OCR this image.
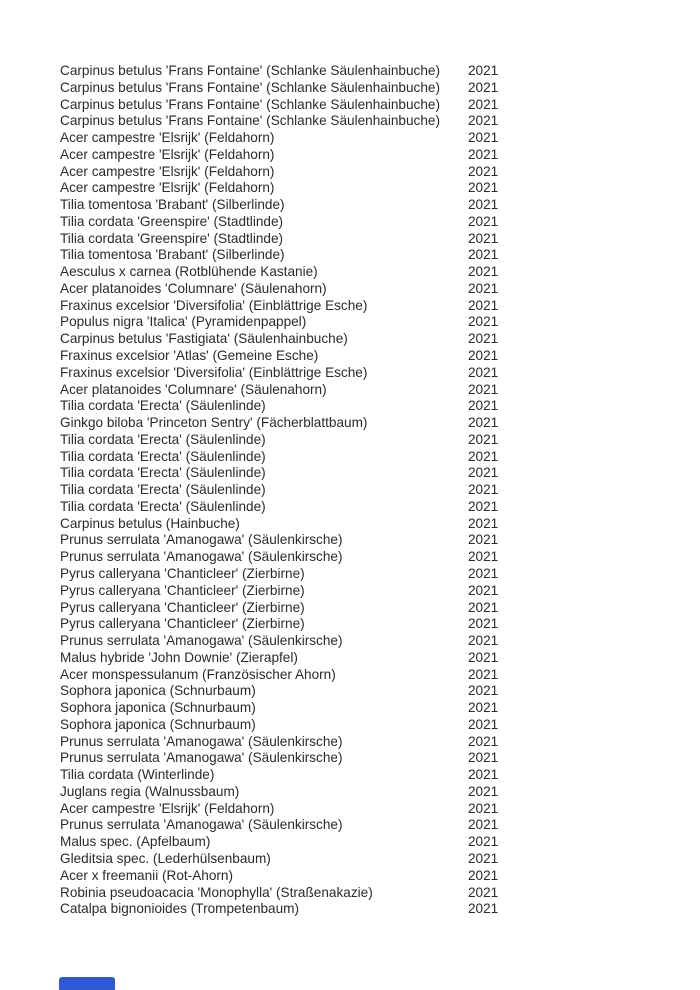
Carpinus betulus 'Frans Fontaine' (Schlanke Säulenhainbuche)	2021
Carpinus betulus 'Frans Fontaine' (Schlanke Säulenhainbuche)	2021
Carpinus betulus 'Frans Fontaine' (Schlanke Säulenhainbuche)	2021
Carpinus betulus 'Frans Fontaine' (Schlanke Säulenhainbuche)	2021
Acer campestre 'Elsrijk' (Feldahorn)	2021
Acer campestre 'Elsrijk' (Feldahorn)	2021
Acer campestre 'Elsrijk' (Feldahorn)	2021
Acer campestre 'Elsrijk' (Feldahorn)	2021
Tilia tomentosa 'Brabant' (Silberlinde)	2021
Tilia cordata 'Greenspire' (Stadtlinde)	2021
Tilia cordata 'Greenspire' (Stadtlinde)	2021
Tilia tomentosa 'Brabant' (Silberlinde)	2021
Aesculus x carnea (Rotblühende Kastanie)	2021
Acer platanoides 'Columnare' (Säulenahorn)	2021
Fraxinus excelsior 'Diversifolia' (Einblättrige Esche)	2021
Populus nigra 'Italica' (Pyramidenpappel)	2021
Carpinus betulus 'Fastigiata' (Säulenhainbuche)	2021
Fraxinus excelsior 'Atlas' (Gemeine Esche)	2021
Fraxinus excelsior 'Diversifolia' (Einblättrige Esche)	2021
Acer platanoides 'Columnare' (Säulenahorn)	2021
Tilia cordata 'Erecta' (Säulenlinde)	2021
Ginkgo biloba 'Princeton Sentry' (Fächerblattbaum)	2021
Tilia cordata 'Erecta' (Säulenlinde)	2021
Tilia cordata 'Erecta' (Säulenlinde)	2021
Tilia cordata 'Erecta' (Säulenlinde)	2021
Tilia cordata 'Erecta' (Säulenlinde)	2021
Tilia cordata 'Erecta' (Säulenlinde)	2021
Carpinus betulus (Hainbuche)	2021
Prunus serrulata 'Amanogawa' (Säulenkirsche)	2021
Prunus serrulata 'Amanogawa' (Säulenkirsche)	2021
Pyrus calleryana 'Chanticleer' (Zierbirne)	2021
Pyrus calleryana 'Chanticleer' (Zierbirne)	2021
Pyrus calleryana 'Chanticleer' (Zierbirne)	2021
Pyrus calleryana 'Chanticleer' (Zierbirne)	2021
Prunus serrulata 'Amanogawa' (Säulenkirsche)	2021
Malus hybride 'John Downie' (Zierapfel)	2021
Acer monspessulanum (Französischer Ahorn)	2021
Sophora japonica (Schnurbaum)	2021
Sophora japonica (Schnurbaum)	2021
Sophora japonica (Schnurbaum)	2021
Prunus serrulata 'Amanogawa' (Säulenkirsche)	2021
Prunus serrulata 'Amanogawa' (Säulenkirsche)	2021
Tilia cordata (Winterlinde)	2021
Juglans regia (Walnussbaum)	2021
Acer campestre 'Elsrijk' (Feldahorn)	2021
Prunus serrulata 'Amanogawa' (Säulenkirsche)	2021
Malus spec. (Apfelbaum)	2021
Gleditsia spec. (Lederhülsenbaum)	2021
Acer x freemanii (Rot-Ahorn)	2021
Robinia pseudoacacia 'Monophylla' (Straßenakazie)	2021
Catalpa bignonioides (Trompetenbaum)	2021
